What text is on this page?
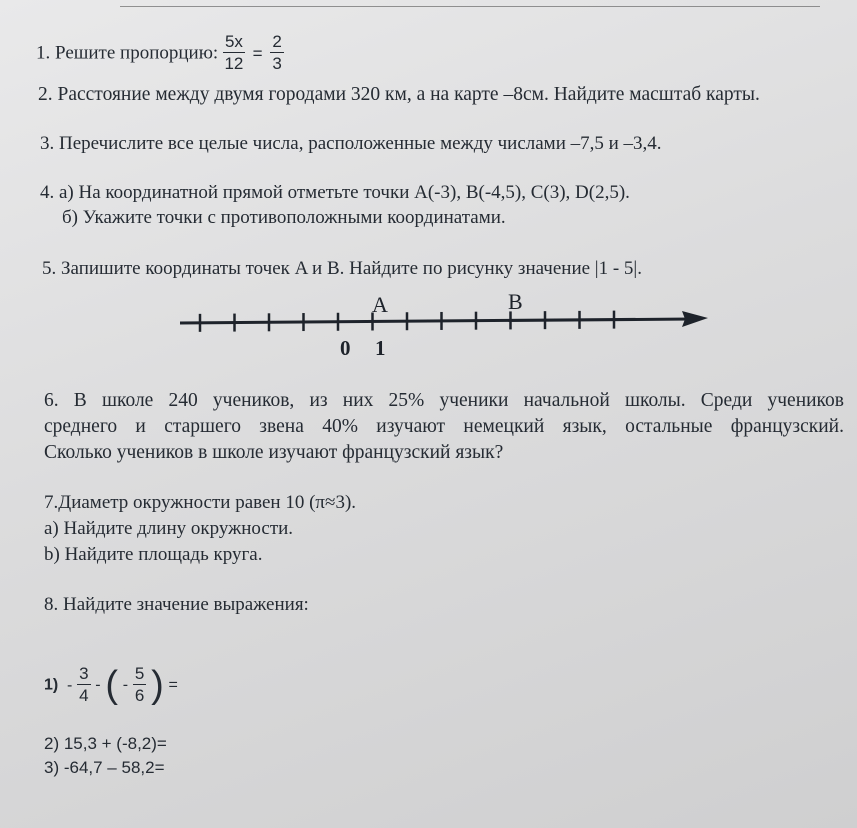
1. Решите пропорцию: $\frac{5x}{12} = \frac{2}{3}$
2. Расстояние между двумя городами 320 км, а на карте –8см. Найдите масштаб карты.
3. Перечислите все целые числа, расположенные между числами –7,5 и –3,4.
4. а) На координатной прямой отметьте точки A(-3), B(-4,5), C(3), D(2,5).
б) Укажите точки с противоположными координатами.
5. Запишите координаты точек A и B. Найдите по рисунку значение |1 - 5|.
A	B
0 1
6. В школе 240 учеников, из них 25% ученики начальной школы. Среди учеников
среднего и старшего звена 40% изучают немецкий язык, остальные французский.
Сколько учеников в школе изучают французский язык?
7.Диаметр окружности равен 10 (π≈3).
а) Найдите длину окружности.
b) Найдите площадь круга.
8. Найдите значение выражения:
$1) - \frac{3}{4}$ - ( - $\frac{5}{6}$ ) =
2) 15,3 + (-8,2)=
3) -64,7 – 58,2=
